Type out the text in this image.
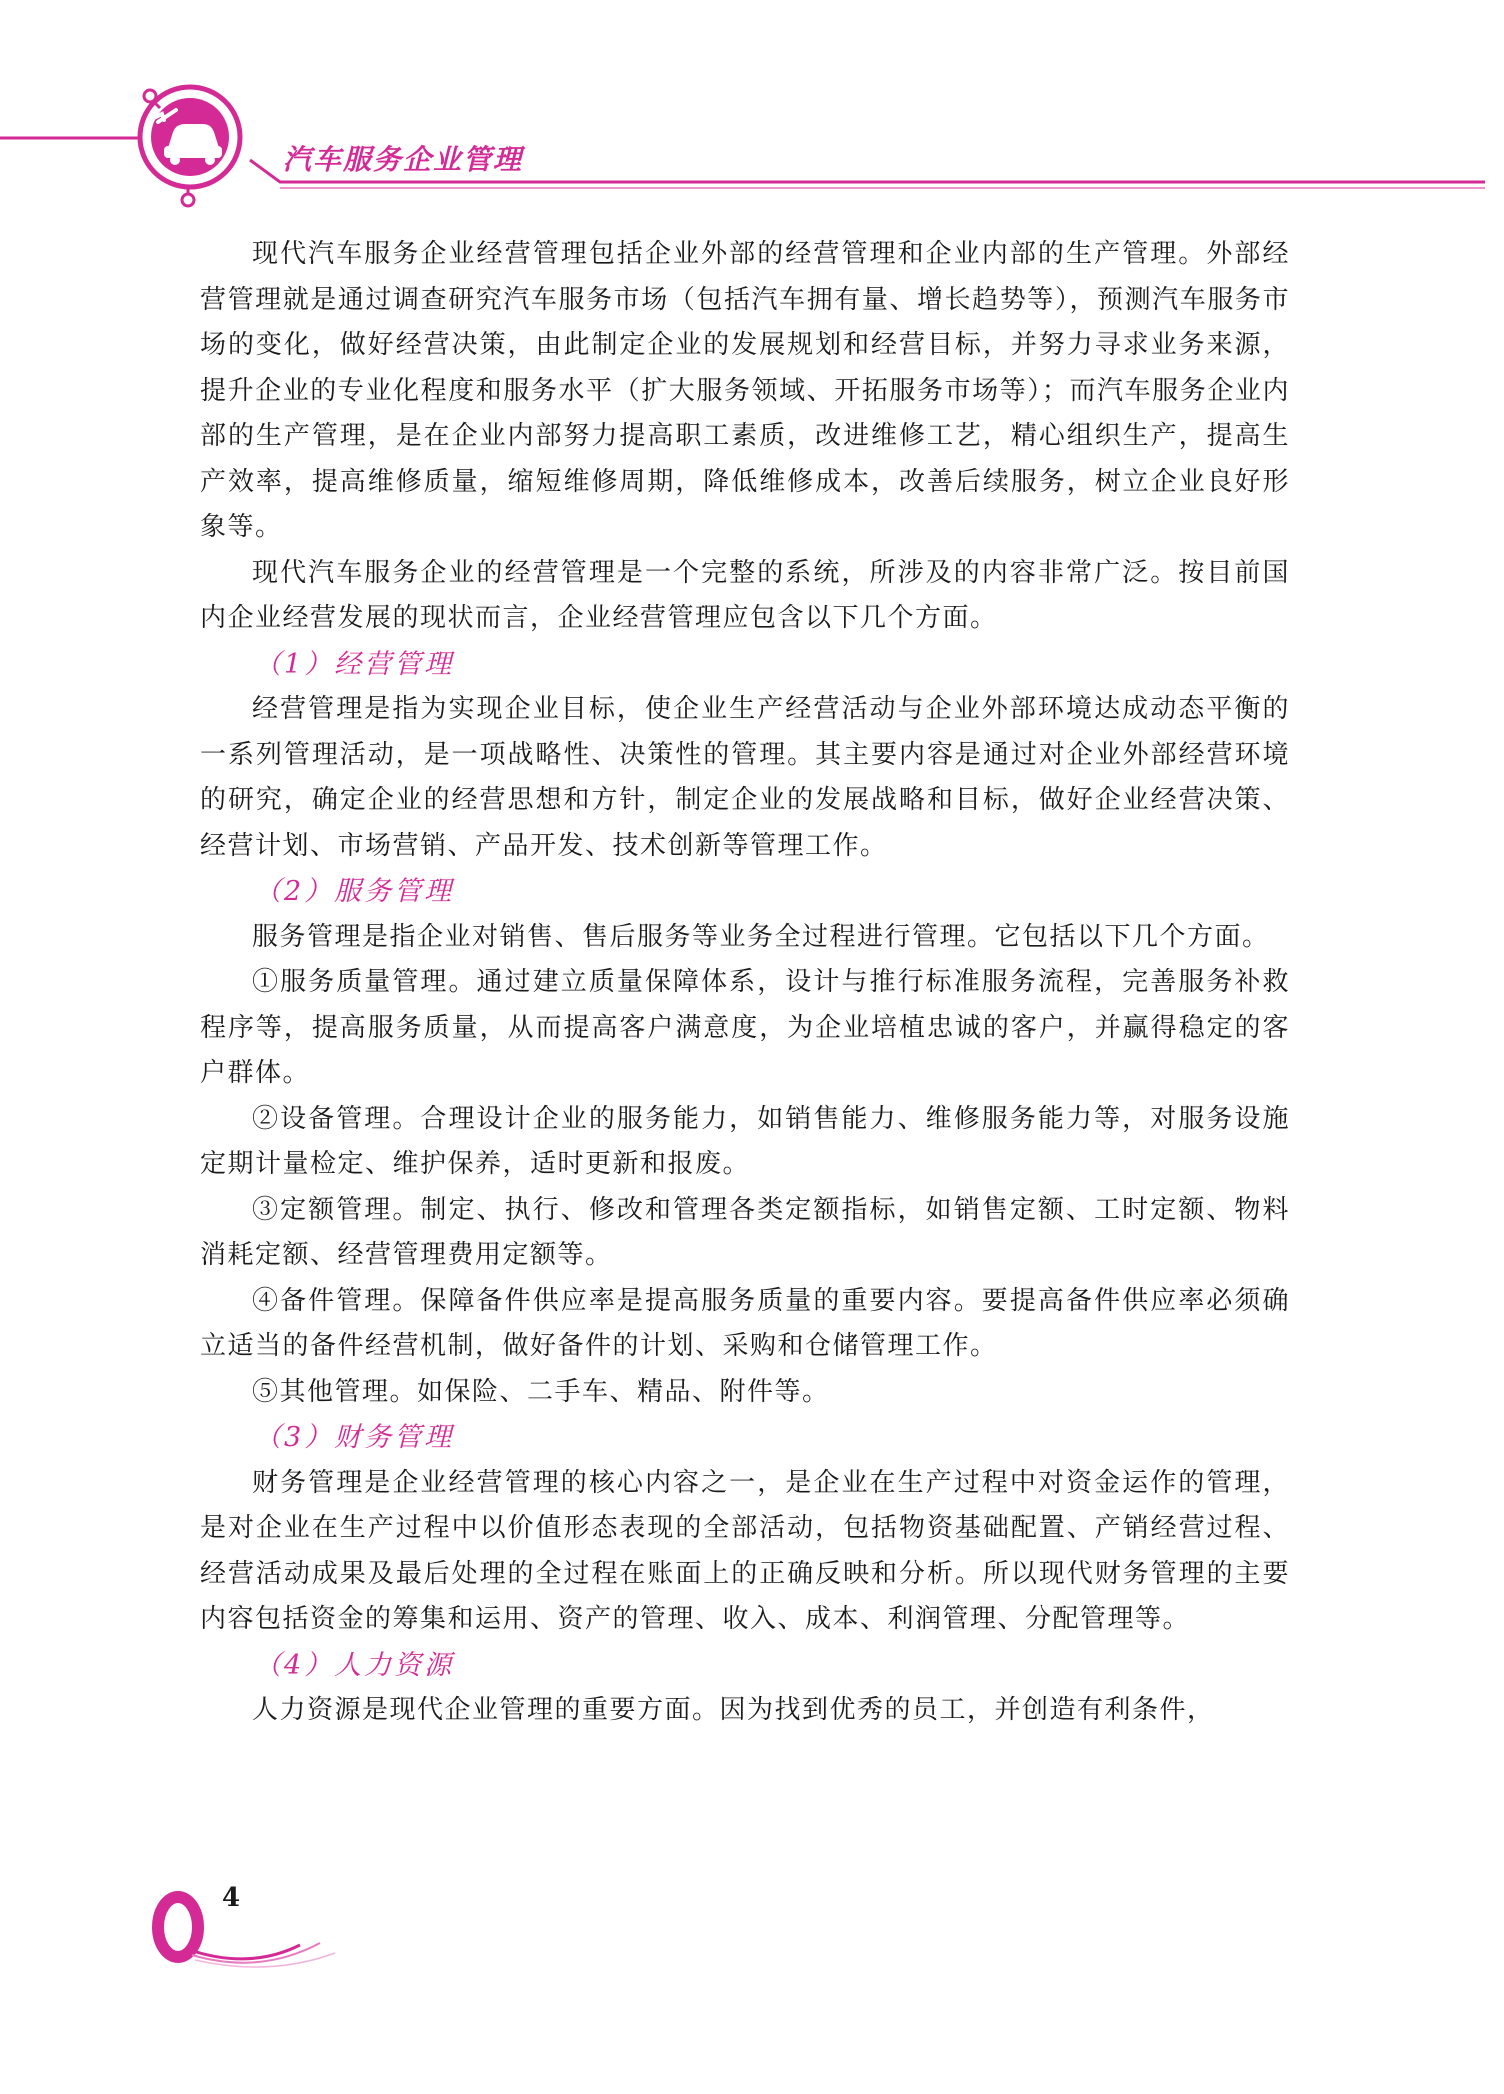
汽车服务企业管理

现代汽车服务企业经营管理包括企业外部的经营管理和企业内部的生产管理。外部经营管理就是通过调查研究汽车服务市场（包括汽车拥有量、增长趋势等），预测汽车服务市场的变化，做好经营决策，由此制定企业的发展规划和经营目标，并努力寻求业务来源，提升企业的专业化程度和服务水平（扩大服务领域、开拓服务市场等）；而汽车服务企业内部的生产管理，是在企业内部努力提高职工素质，改进维修工艺，精心组织生产，提高生产效率，提高维修质量，缩短维修周期，降低维修成本，改善后续服务，树立企业良好形象等。

现代汽车服务企业的经营管理是一个完整的系统，所涉及的内容非常广泛。按目前国内企业经营发展的现状而言，企业经营管理应包含以下几个方面。

（1）经营管理

经营管理是指为实现企业目标，使企业生产经营活动与企业外部环境达成动态平衡的一系列管理活动，是一项战略性、决策性的管理。其主要内容是通过对企业外部经营环境的研究，确定企业的经营思想和方针，制定企业的发展战略和目标，做好企业经营决策、经营计划、市场营销、产品开发、技术创新等管理工作。

（2）服务管理

服务管理是指企业对销售、售后服务等业务全过程进行管理。它包括以下几个方面。

①服务质量管理。通过建立质量保障体系，设计与推行标准服务流程，完善服务补救程序等，提高服务质量，从而提高客户满意度，为企业培植忠诚的客户，并赢得稳定的客户群体。

②设备管理。合理设计企业的服务能力，如销售能力、维修服务能力等，对服务设施定期计量检定、维护保养，适时更新和报废。

③定额管理。制定、执行、修改和管理各类定额指标，如销售定额、工时定额、物料消耗定额、经营管理费用定额等。

④备件管理。保障备件供应率是提高服务质量的重要内容。要提高备件供应率必须确立适当的备件经营机制，做好备件的计划、采购和仓储管理工作。

⑤其他管理。如保险、二手车、精品、附件等。

（3）财务管理

财务管理是企业经营管理的核心内容之一，是企业在生产过程中对资金运作的管理，是对企业在生产过程中以价值形态表现的全部活动，包括物资基础配置、产销经营过程、经营活动成果及最后处理的全过程在账面上的正确反映和分析。所以现代财务管理的主要内容包括资金的筹集和运用、资产的管理、收入、成本、利润管理、分配管理等。

（4）人力资源

人力资源是现代企业管理的重要方面。因为找到优秀的员工，并创造有利条件，

4
